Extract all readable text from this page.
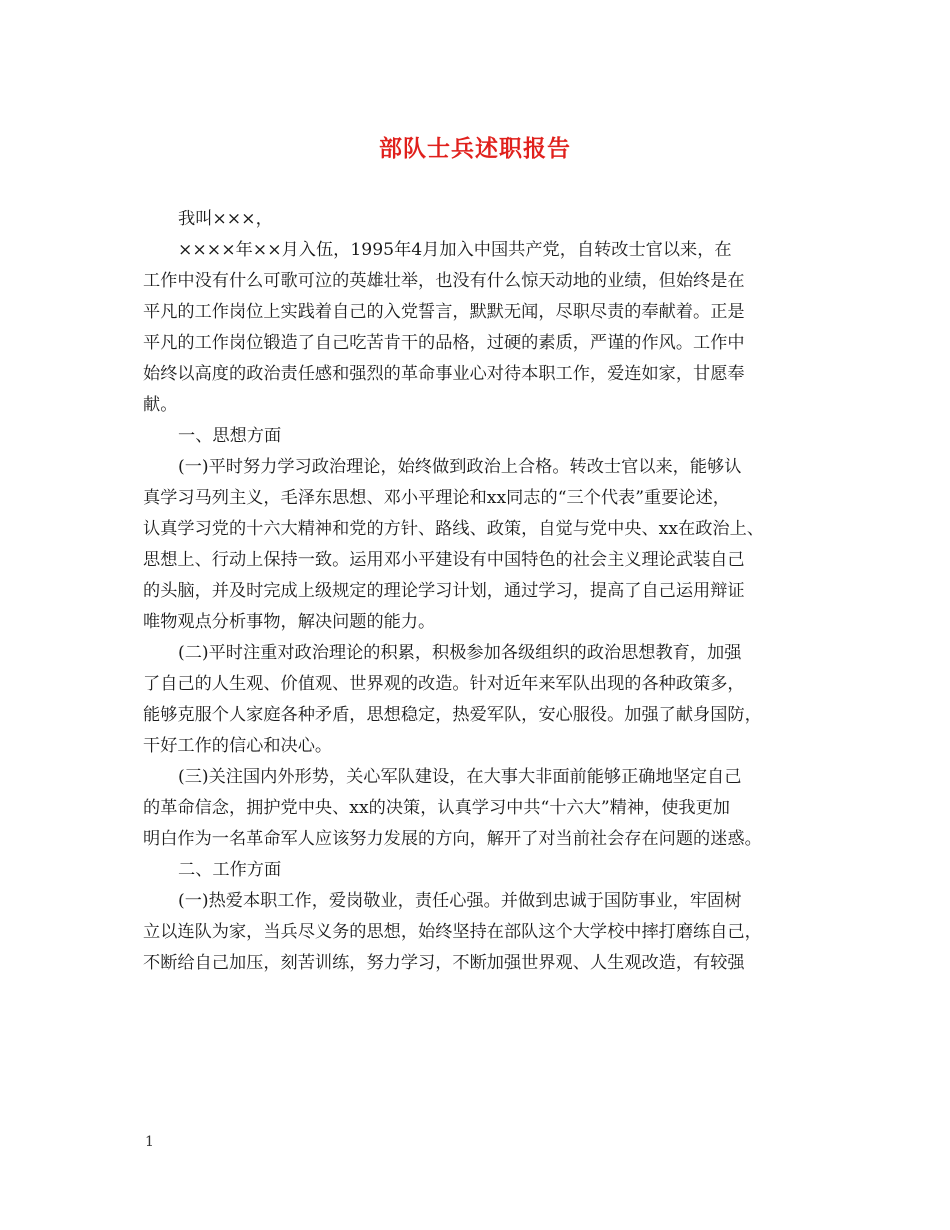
部队士兵述职报告
我叫×××，
××××年××月入伍，1995年4月加入中国共产党，自转改士官以来，在
工作中没有什么可歌可泣的英雄壮举，也没有什么惊天动地的业绩，但始终是在
平凡的工作岗位上实践着自己的入党誓言，默默无闻，尽职尽责的奉献着。正是
平凡的工作岗位锻造了自己吃苦肯干的品格，过硬的素质，严谨的作风。工作中
始终以高度的政治责任感和强烈的革命事业心对待本职工作，爱连如家，甘愿奉
献。
一、思想方面
(一)平时努力学习政治理论，始终做到政治上合格。转改士官以来，能够认
真学习马列主义，毛泽东思想、邓小平理论和xx同志的“三个代表”重要论述，
认真学习党的十六大精神和党的方针、路线、政策，自觉与党中央、xx在政治上、
思想上、行动上保持一致。运用邓小平建设有中国特色的社会主义理论武装自己
的头脑，并及时完成上级规定的理论学习计划，通过学习，提高了自己运用辩证
唯物观点分析事物，解决问题的能力。
(二)平时注重对政治理论的积累，积极参加各级组织的政治思想教育，加强
了自己的人生观、价值观、世界观的改造。针对近年来军队出现的各种政策多，
能够克服个人家庭各种矛盾，思想稳定，热爱军队，安心服役。加强了献身国防，
干好工作的信心和决心。
(三)关注国内外形势，关心军队建设，在大事大非面前能够正确地坚定自己
的革命信念，拥护党中央、xx的决策，认真学习中共“十六大”精神，使我更加
明白作为一名革命军人应该努力发展的方向，解开了对当前社会存在问题的迷惑。
二、工作方面
(一)热爱本职工作，爱岗敬业，责任心强。并做到忠诚于国防事业，牢固树
立以连队为家，当兵尽义务的思想，始终坚持在部队这个大学校中摔打磨练自己，
不断给自己加压，刻苦训练，努力学习，不断加强世界观、人生观改造，有较强
1
